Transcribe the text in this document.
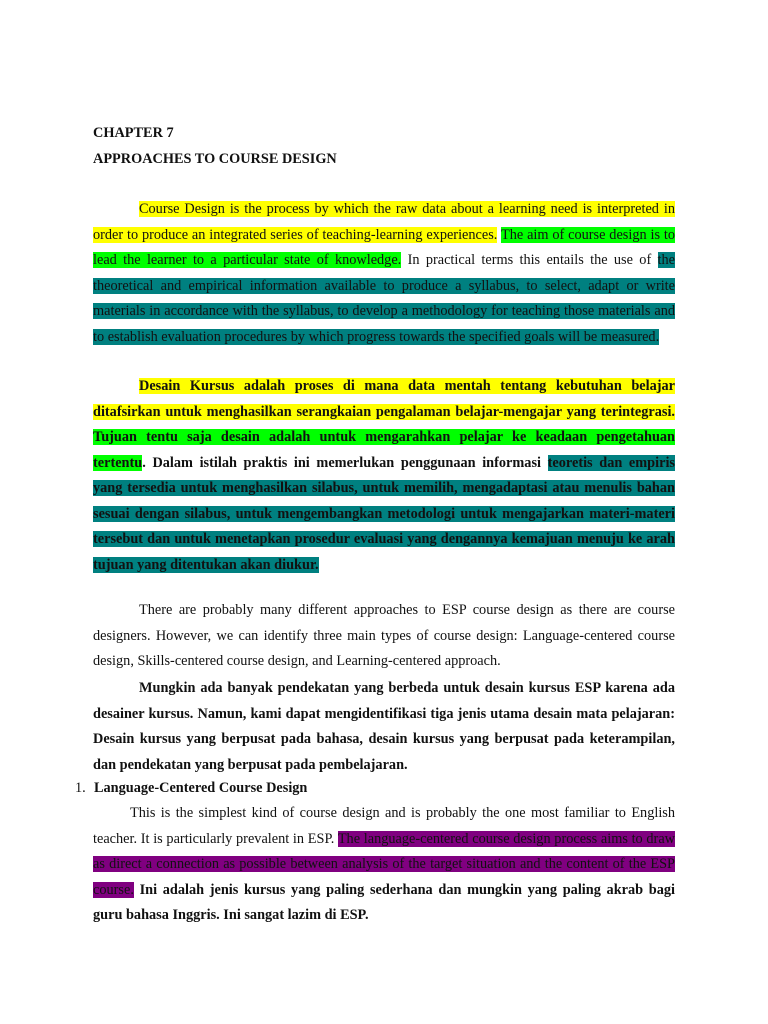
CHAPTER 7

APPROACHES TO COURSE DESIGN

Course Design is the process by which the raw data about a learning need is interpreted in order to produce an integrated series of teaching-learning experiences. The aim of course design is to lead the learner to a particular state of knowledge. In practical terms this entails the use of the theoretical and empirical information available to produce a syllabus, to select, adapt or write materials in accordance with the syllabus, to develop a methodology for teaching those materials and to establish evaluation procedures by which progress towards the specified goals will be measured.

Desain Kursus adalah proses di mana data mentah tentang kebutuhan belajar ditafsirkan untuk menghasilkan serangkaian pengalaman belajar-mengajar yang terintegrasi. Tujuan tentu saja desain adalah untuk mengarahkan pelajar ke keadaan pengetahuan tertentu. Dalam istilah praktis ini memerlukan penggunaan informasi teoretis dan empiris yang tersedia untuk menghasilkan silabus, untuk memilih, mengadaptasi atau menulis bahan sesuai dengan silabus, untuk mengembangkan metodologi untuk mengajarkan materi-materi tersebut dan untuk menetapkan prosedur evaluasi yang dengannya kemajuan menuju ke arah tujuan yang ditentukan akan diukur.

There are probably many different approaches to ESP course design as there are course designers. However, we can identify three main types of course design: Language-centered course design, Skills-centered course design, and Learning-centered approach.

Mungkin ada banyak pendekatan yang berbeda untuk desain kursus ESP karena ada desainer kursus. Namun, kami dapat mengidentifikasi tiga jenis utama desain mata pelajaran: Desain kursus yang berpusat pada bahasa, desain kursus yang berpusat pada keterampilan, dan pendekatan yang berpusat pada pembelajaran.

1. Language-Centered Course Design

This is the simplest kind of course design and is probably the one most familiar to English teacher. It is particularly prevalent in ESP. The language-centered course design process aims to draw as direct a connection as possible between analysis of the target situation and the content of the ESP course. Ini adalah jenis kursus yang paling sederhana dan mungkin yang paling akrab bagi guru bahasa Inggris. Ini sangat lazim di ESP.
